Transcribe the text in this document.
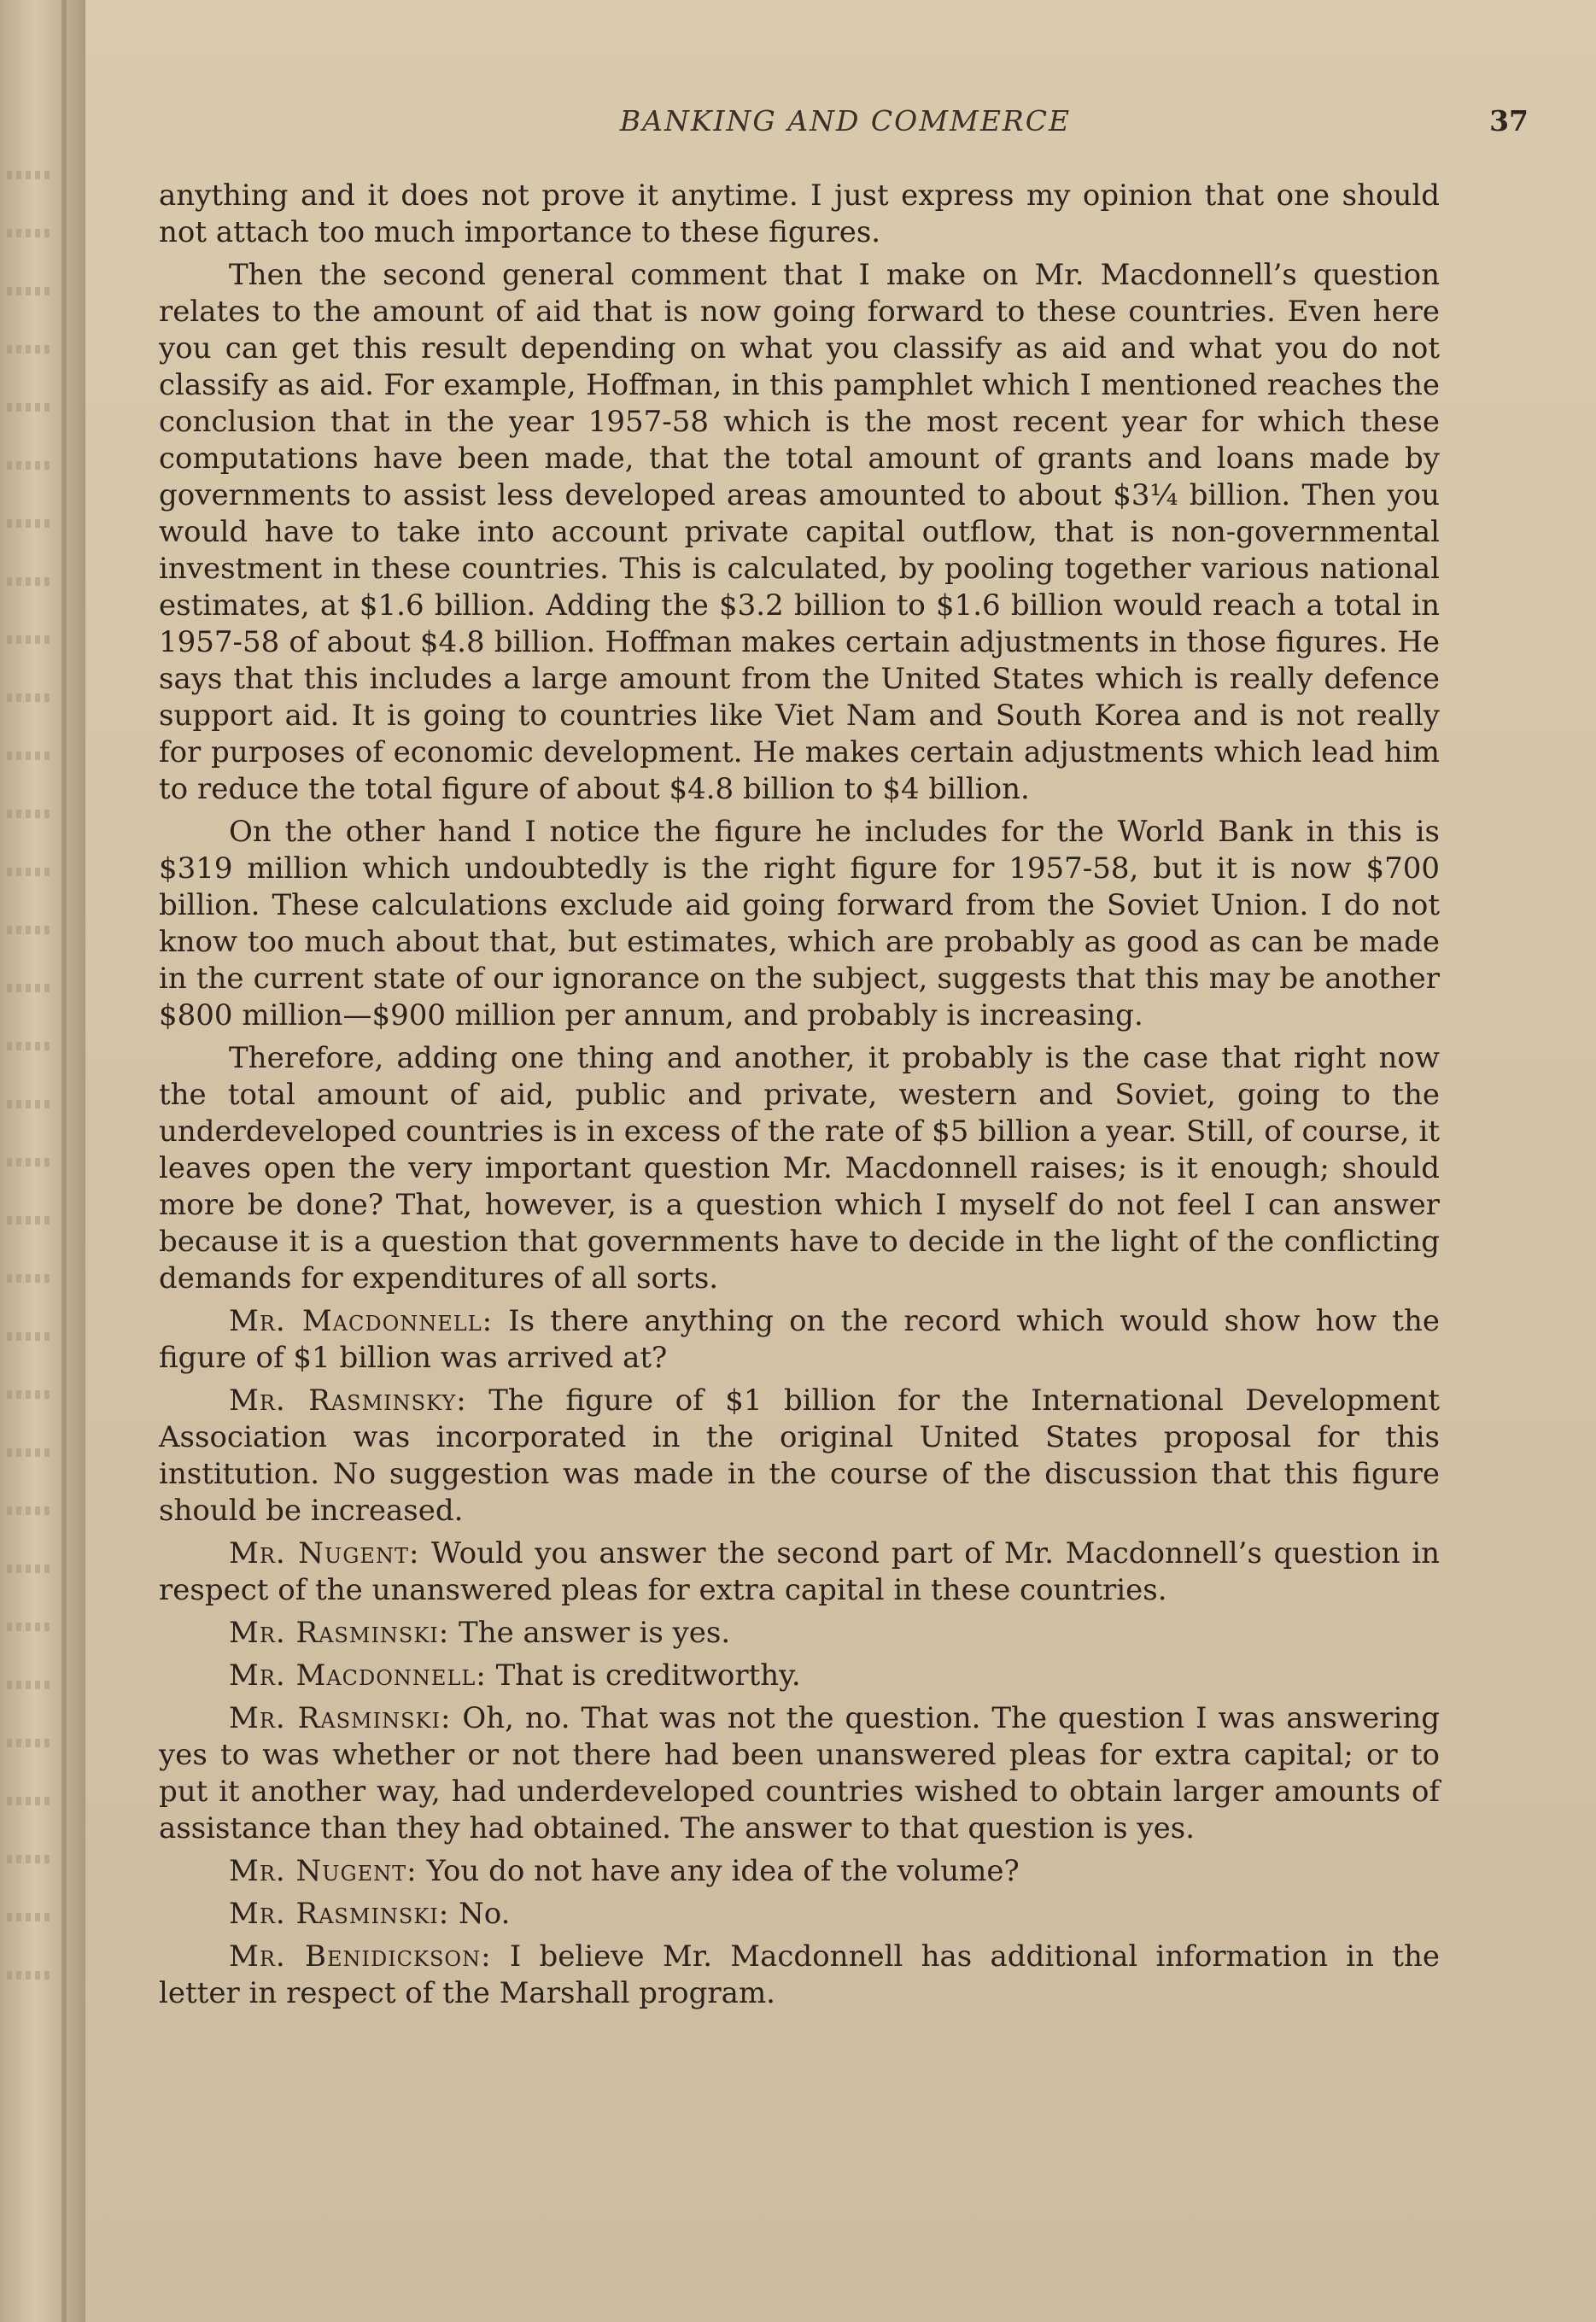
BANKING AND COMMERCE	37

anything and it does not prove it anytime. I just express my opinion that one should not attach too much importance to these figures.

Then the second general comment that I make on Mr. Macdonnell’s question relates to the amount of aid that is now going forward to these countries. Even here you can get this result depending on what you classify as aid and what you do not classify as aid. For example, Hoffman, in this pamphlet which I mentioned reaches the conclusion that in the year 1957-58 which is the most recent year for which these computations have been made, that the total amount of grants and loans made by governments to assist less developed areas amounted to about $3¼ billion. Then you would have to take into account private capital outflow, that is non-governmental investment in these countries. This is calculated, by pooling together various national estimates, at $1.6 billion. Adding the $3.2 billion to $1.6 billion would reach a total in 1957-58 of about $4.8 billion. Hoffman makes certain adjustments in those figures. He says that this includes a large amount from the United States which is really defence support aid. It is going to countries like Viet Nam and South Korea and is not really for purposes of economic development. He makes certain adjustments which lead him to reduce the total figure of about $4.8 billion to $4 billion.

On the other hand I notice the figure he includes for the World Bank in this is $319 million which undoubtedly is the right figure for 1957-58, but it is now $700 billion. These calculations exclude aid going forward from the Soviet Union. I do not know too much about that, but estimates, which are probably as good as can be made in the current state of our ignorance on the subject, suggests that this may be another $800 million—$900 million per annum, and probably is increasing.

Therefore, adding one thing and another, it probably is the case that right now the total amount of aid, public and private, western and Soviet, going to the underdeveloped countries is in excess of the rate of $5 billion a year. Still, of course, it leaves open the very important question Mr. Macdonnell raises; is it enough; should more be done? That, however, is a question which I myself do not feel I can answer because it is a question that governments have to decide in the light of the conflicting demands for expenditures of all sorts.

Mr. Macdonnell: Is there anything on the record which would show how the figure of $1 billion was arrived at?

Mr. Rasminsky: The figure of $1 billion for the International Development Association was incorporated in the original United States proposal for this institution. No suggestion was made in the course of the discussion that this figure should be increased.

Mr. Nugent: Would you answer the second part of Mr. Macdonnell’s question in respect of the unanswered pleas for extra capital in these countries.

Mr. Rasminski: The answer is yes.

Mr. Macdonnell: That is creditworthy.

Mr. Rasminski: Oh, no. That was not the question. The question I was answering yes to was whether or not there had been unanswered pleas for extra capital; or to put it another way, had underdeveloped countries wished to obtain larger amounts of assistance than they had obtained. The answer to that question is yes.

Mr. Nugent: You do not have any idea of the volume?

Mr. Rasminski: No.

Mr. Benidickson: I believe Mr. Macdonnell has additional information in the letter in respect of the Marshall program.
